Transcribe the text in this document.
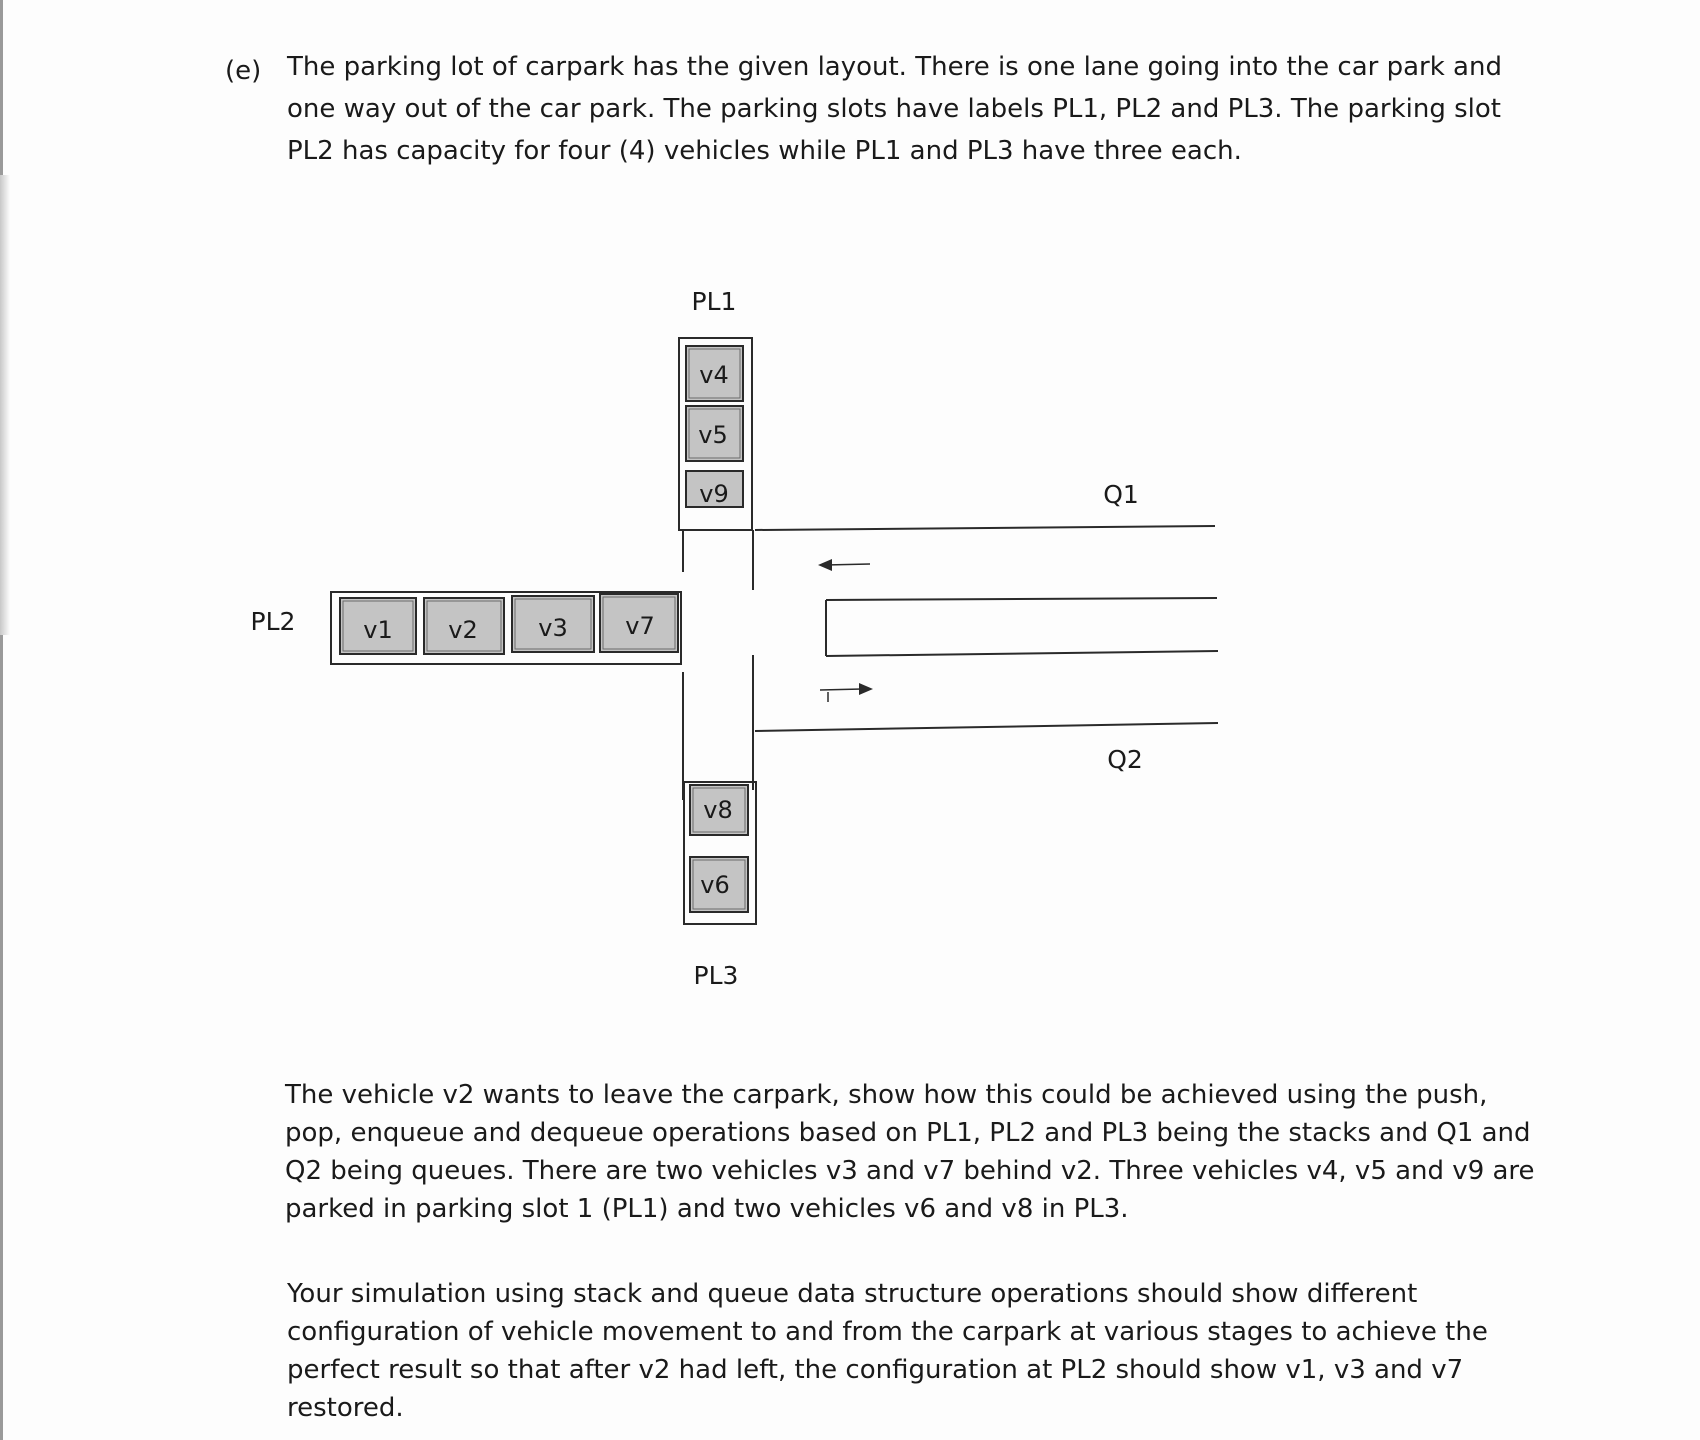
(e) The parking lot of carpark has the given layout. There is one lane going into the car park and one way out of the car park. The parking slots have labels PL1, PL2 and PL3. The parking slot PL2 has capacity for four (4) vehicles while PL1 and PL3 have three each.

PL1
PL2
PL3
Q1
Q2
v4
v5
v9
v1 v2	v3 v7
v8
v6

The vehicle v2 wants to leave the carpark, show how this could be achieved using the push, pop, enqueue and dequeue operations based on PL1, PL2 and PL3 being the stacks and Q1 and Q2 being queues. There are two vehicles v3 and v7 behind v2. Three vehicles v4, v5 and v9 are parked in parking slot 1 (PL1) and two vehicles v6 and v8 in PL3.

Your simulation using stack and queue data structure operations should show different configuration of vehicle movement to and from the carpark at various stages to achieve the perfect result so that after v2 had left, the configuration at PL2 should show v1, v3 and v7 restored.
